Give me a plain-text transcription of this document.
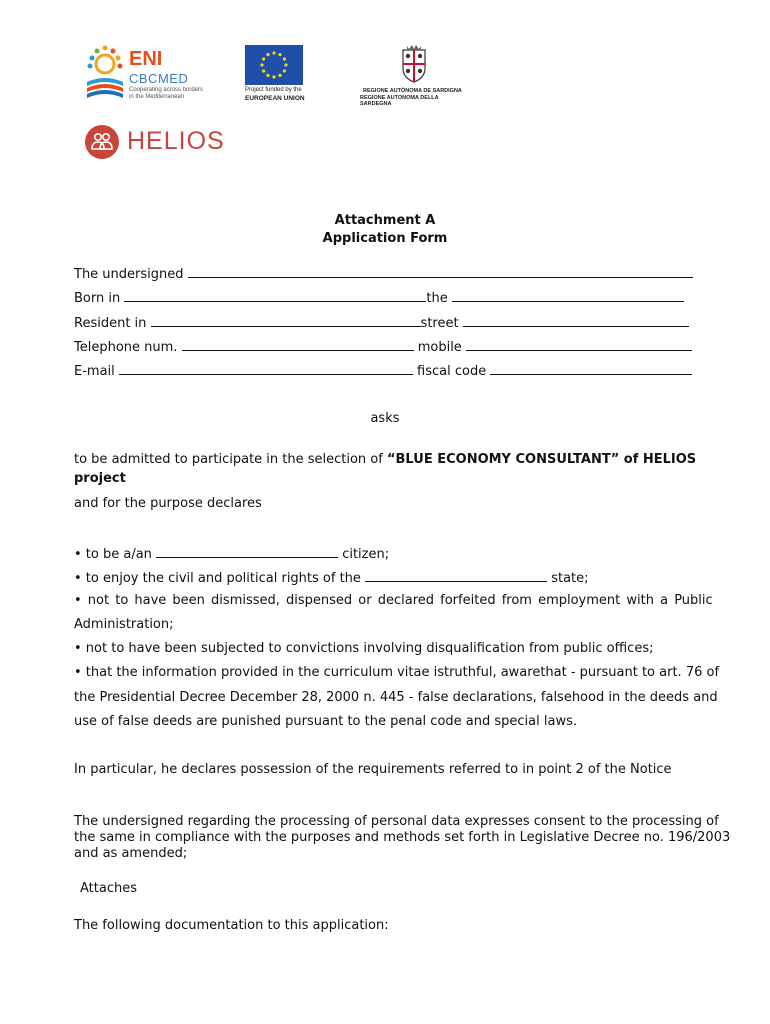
ENI
CBCMED
Cooperating across borders
in the Mediterranean
Project funded by the
EUROPEAN UNION
REGIONE AUTÒNOMA DE SARDIGNA
REGIONE AUTONOMA DELLA SARDEGNA
HELIOS
Attachment A
Application Form
The undersigned
Born in	the
Resident in	street
Telephone num.	mobile
E-mail	fiscal code
asks
to be admitted to participate in the selection of “BLUE ECONOMY CONSULTANT” of HELIOS
project
and for the purpose declares
• to be a/an	citizen;
• to enjoy the civil and political rights of the	state;
• not to have been dismissed, dispensed or declared forfeited from employment with a Public
Administration;
• not to have been subjected to convictions involving disqualification from public offices;
• that the information provided in the curriculum vitae istruthful, awarethat - pursuant to art. 76 of
the Presidential Decree December 28, 2000 n. 445 - false declarations, falsehood in the deeds and
use of false deeds are punished pursuant to the penal code and special laws.
In particular, he declares possession of the requirements referred to in point 2 of the Notice
The undersigned regarding the processing of personal data expresses consent to the processing of
the same in compliance with the purposes and methods set forth in Legislative Decree no. 196/2003
and as amended;
Attaches
The following documentation to this application:
